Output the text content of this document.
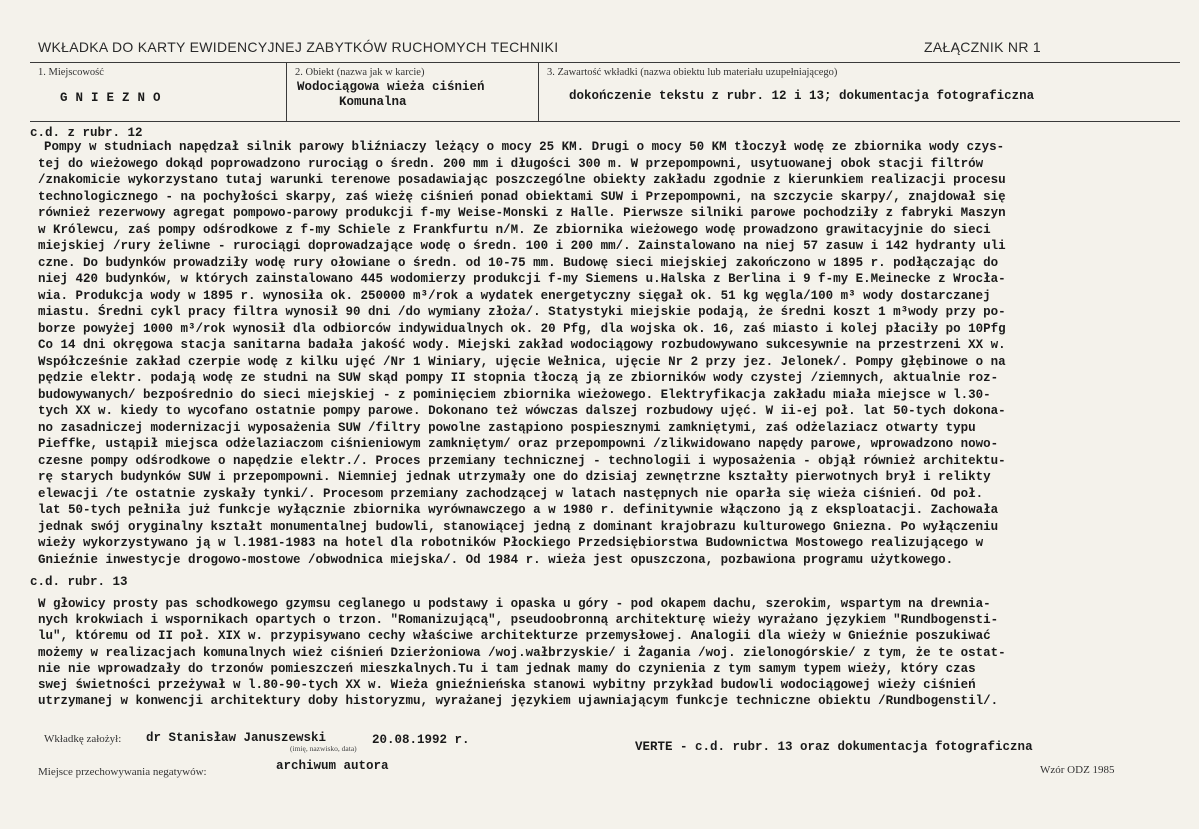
WKŁADKA DO KARTY EWIDENCYJNEJ ZABYTKÓW RUCHOMYCH TECHNIKI	ZAŁĄCZNIK NR 1
1. Miejscowość
GNIEZNO
2. Obiekt (nazwa jak w karcie)
Wodociągowa wieża ciśnień
Komunalna
3. Zawartość wkładki (nazwa obiektu lub materiału uzupełniającego)
dokończenie tekstu z rubr. 12 i 13; dokumentacja fotograficzna
c.d. z rubr. 12
Pompy w studniach napędzał silnik parowy bliźniaczy leżący o mocy 25 KM. Drugi o mocy 50 KM tłoczył wodę ze zbiornika wody czys-
tej do wieżowego dokąd poprowadzono rurociąg o średn. 200 mm i długości 300 m. W przepompowni, usytuowanej obok stacji filtrów
/znakomicie wykorzystano tutaj warunki terenowe posadawiając poszczególne obiekty zakładu zgodnie z kierunkiem realizacji procesu
technologicznego - na pochyłości skarpy, zaś wieżę ciśnień ponad obiektami SUW i Przepompowni, na szczycie skarpy/, znajdował się
również rezerwowy agregat pompowo-parowy produkcji f-my Weise-Monski z Halle. Pierwsze silniki parowe pochodziły z fabryki Maszyn
w Królewcu, zaś pompy odśrodkowe z f-my Schiele z Frankfurtu n/M. Ze zbiornika wieżowego wodę prowadzono grawitacyjnie do sieci
miejskiej /rury żeliwne - rurociągi doprowadzające wodę o średn. 100 i 200 mm/. Zainstalowano na niej 57 zasuw i 142 hydranty uli
czne. Do budynków prowadziły wodę rury ołowiane o średn. od 10-75 mm. Budowę sieci miejskiej zakończono w 1895 r. podłączając do
niej 420 budynków, w których zainstalowano 445 wodomierzy produkcji f-my Siemens u.Halska z Berlina i 9 f-my E.Meinecke z Wrocła-
wia. Produkcja wody w 1895 r. wynosiła ok. 250000 m³/rok a wydatek energetyczny sięgał ok. 51 kg węgla/100 m³ wody dostarczanej
miastu. Średni cykl pracy filtra wynosił 90 dni /do wymiany złoża/. Statystyki miejskie podają, że średni koszt 1 m³wody przy po-
borze powyżej 1000 m³/rok wynosił dla odbiorców indywidualnych ok. 20 Pfg, dla wojska ok. 16, zaś miasto i kolej płaciły po 10Pfg
Co 14 dni okręgowa stacja sanitarna badała jakość wody. Miejski zakład wodociągowy rozbudowywano sukcesywnie na przestrzeni XX w.
Współcześnie zakład czerpie wodę z kilku ujęć /Nr 1 Winiary, ujęcie Wełnica, ujęcie Nr 2 przy jez. Jelonek/. Pompy głębinowe o na
pędzie elektr. podają wodę ze studni na SUW skąd pompy II stopnia tłoczą ją ze zbiorników wody czystej /ziemnych, aktualnie roz-
budowywanych/ bezpośrednio do sieci miejskiej - z pominięciem zbiornika wieżowego. Elektryfikacja zakładu miała miejsce w l.30-
tych XX w. kiedy to wycofano ostatnie pompy parowe. Dokonano też wówczas dalszej rozbudowy ujęć. W ii-ej poł. lat 50-tych dokona-
no zasadniczej modernizacji wyposażenia SUW /filtry powolne zastąpiono pospiesznymi zamkniętymi, zaś odżelaziacz otwarty typu
Pieffke, ustąpił miejsca odżelaziaczom ciśnieniowym zamkniętym/ oraz przepompowni /zlikwidowano napędy parowe, wprowadzono nowo-
czesne pompy odśrodkowe o napędzie elektr./. Proces przemiany technicznej - technologii i wyposażenia - objął również architektu-
rę starych budynków SUW i przepompowni. Niemniej jednak utrzymały one do dzisiaj zewnętrzne kształty pierwotnych brył i relikty
elewacji /te ostatnie zyskały tynki/. Procesom przemiany zachodzącej w latach następnych nie oparła się wieża ciśnień. Od poł.
lat 50-tych pełniła już funkcje wyłącznie zbiornika wyrównawczego a w 1980 r. definitywnie włączono ją z eksploatacji. Zachowała
jednak swój oryginalny kształt monumentalnej budowli, stanowiącej jedną z dominant krajobrazu kulturowego Gniezna. Po wyłączeniu
wieży wykorzystywano ją w l.1981-1983 na hotel dla robotników Płockiego Przedsiębiorstwa Budownictwa Mostowego realizującego w
Gnieźnie inwestycje drogowo-mostowe /obwodnica miejska/. Od 1984 r. wieża jest opuszczona, pozbawiona programu użytkowego.
c.d. rubr. 13
W głowicy prosty pas schodkowego gzymsu ceglanego u podstawy i opaska u góry - pod okapem dachu, szerokim, wspartym na drewnia-
nych krokwiach i wspornikach opartych o trzon. "Romanizującą", pseudoobronną architekturę wieży wyrażano językiem "Rundbogensti-
lu", któremu od II poł. XIX w. przypisywano cechy właściwe architekturze przemysłowej. Analogii dla wieży w Gnieźnie poszukiwać
możemy w realizacjach komunalnych wież ciśnień Dzierżoniowa /woj.wałbrzyskie/ i Żagania /woj. zielonogórskie/ z tym, że te ostat-
nie nie wprowadzały do trzonów pomieszczeń mieszkalnych.Tu i tam jednak mamy do czynienia z tym samym typem wieży, który czas
swej świetności przeżywał w l.80-90-tych XX w. Wieża gnieźnieńska stanowi wybitny przykład budowli wodociągowej wieży ciśnień
utrzymanej w konwencji architektury doby historyzmu, wyrażanej językiem ujawniającym funkcje techniczne obiektu /Rundbogenstil/.
Wkładkę założył: dr Stanisław Januszewski
(imię, nazwisko, data)
20.08.1992 r.	VERTE - c.d. rubr. 13 oraz dokumentacja fotograficzna
Miejsce przechowywania negatywów:	archiwum autora	Wzór ODZ 1985
